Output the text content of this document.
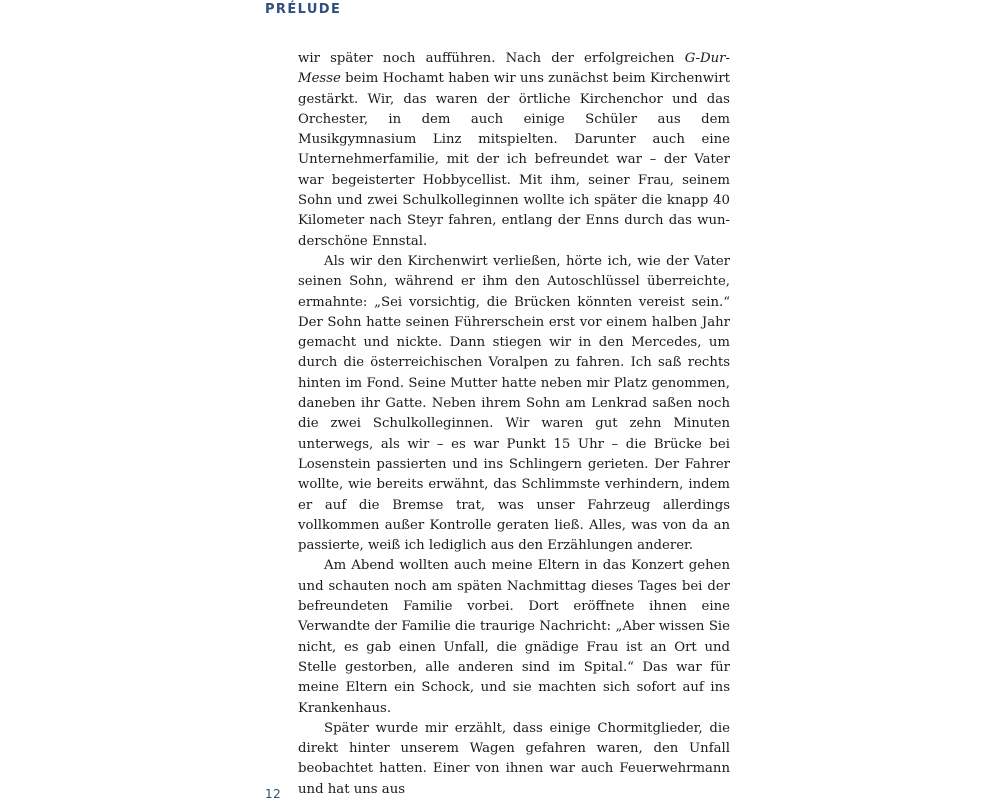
PRÉLUDE

wir später noch aufführen. Nach der erfolgreichen G-Dur-Messe beim Hochamt haben wir uns zunächst beim Kirchenwirt gestärkt. Wir, das waren der örtliche Kirchenchor und das Orchester, in dem auch einige Schüler aus dem Musikgymnasium Linz mitspielten. Darunter auch eine Unternehmerfamilie, mit der ich befreundet war – der Vater war begeisterter Hobbycellist. Mit ihm, seiner Frau, seinem Sohn und zwei Schulkolleginnen wollte ich später die knapp 40 Kilometer nach Steyr fahren, entlang der Enns durch das wunderschöne Ennstal.

Als wir den Kirchenwirt verließen, hörte ich, wie der Vater seinen Sohn, während er ihm den Autoschlüssel überreichte, ermahnte: „Sei vorsichtig, die Brücken könnten vereist sein.“ Der Sohn hatte seinen Führerschein erst vor einem halben Jahr gemacht und nickte. Dann stiegen wir in den Mercedes, um durch die österreichischen Voralpen zu fahren. Ich saß rechts hinten im Fond. Seine Mutter hatte neben mir Platz genommen, daneben ihr Gatte. Neben ihrem Sohn am Lenkrad saßen noch die zwei Schulkolleginnen. Wir waren gut zehn Minuten unterwegs, als wir – es war Punkt 15 Uhr – die Brücke bei Losenstein passierten und ins Schlingern gerieten. Der Fahrer wollte, wie bereits erwähnt, das Schlimmste verhindern, indem er auf die Bremse trat, was unser Fahrzeug allerdings vollkommen außer Kontrolle geraten ließ. Alles, was von da an passierte, weiß ich lediglich aus den Erzählungen anderer.

Am Abend wollten auch meine Eltern in das Konzert gehen und schauten noch am späten Nachmittag dieses Tages bei der befreundeten Familie vorbei. Dort eröffnete ihnen eine Verwandte der Familie die traurige Nachricht: „Aber wissen Sie nicht, es gab einen Unfall, die gnädige Frau ist an Ort und Stelle gestorben, alle anderen sind im Spital.“ Das war für meine Eltern ein Schock, und sie machten sich sofort auf ins Krankenhaus.

Später wurde mir erzählt, dass einige Chormitglieder, die direkt hinter unserem Wagen gefahren waren, den Unfall beobachtet hatten. Einer von ihnen war auch Feuerwehrmann und hat uns aus

12
